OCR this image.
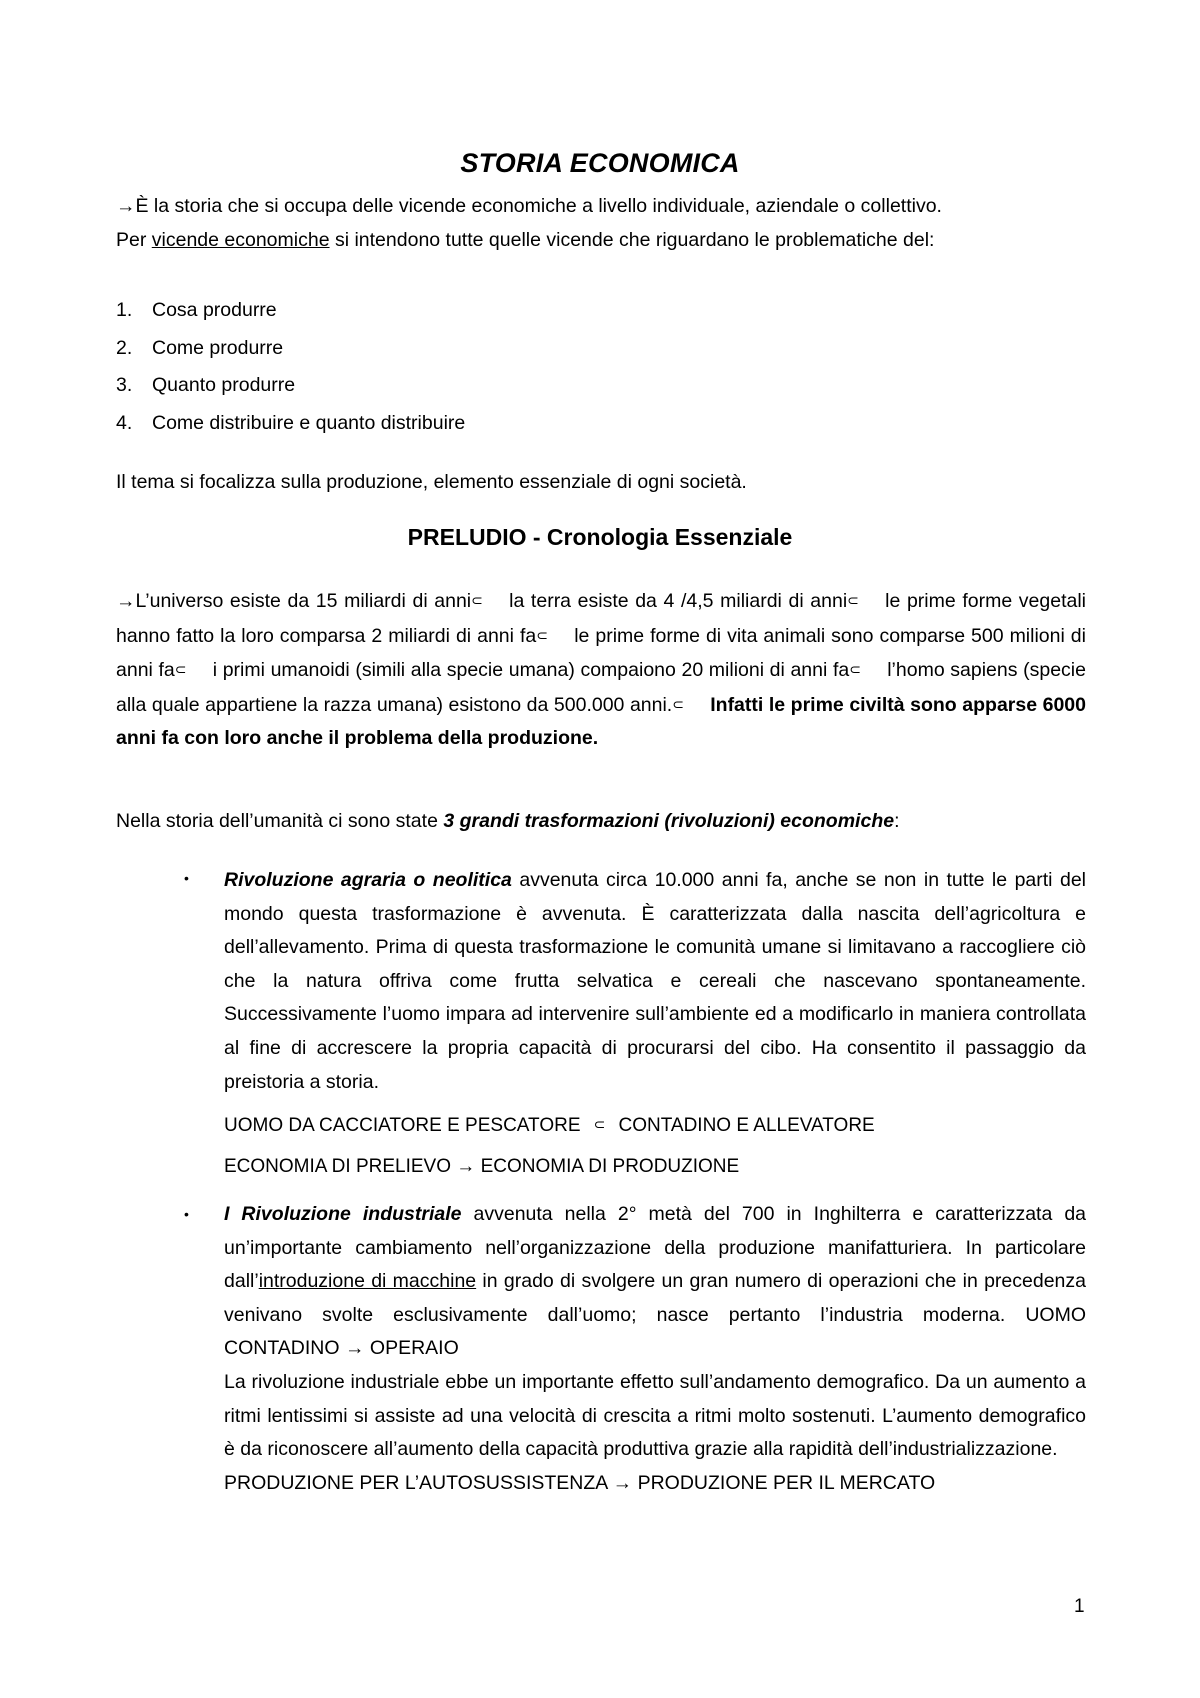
STORIA ECONOMICA
→È la storia che si occupa delle vicende economiche a livello individuale, aziendale o collettivo.
Per vicende economiche si intendono tutte quelle vicende che riguardano le problematiche del:
1. Cosa produrre
2. Come produrre
3. Quanto produrre
4. Come distribuire e quanto distribuire
Il tema si focalizza sulla produzione, elemento essenziale di ogni società.
PRELUDIO - Cronologia Essenziale
→L’universo esiste da 15 miliardi di anni⊂ la terra esiste da 4 /4,5 miliardi di anni⊂ le prime forme vegetali hanno fatto la loro comparsa 2 miliardi di anni fa⊂ le prime forme di vita animali sono comparse 500 milioni di anni fa⊂ i primi umanoidi (simili alla specie umana) compaiono 20 milioni di anni fa⊂ l’homo sapiens (specie alla quale appartiene la razza umana) esistono da 500.000 anni.⊂ Infatti le prime civiltà sono apparse 6000 anni fa con loro anche il problema della produzione.
Nella storia dell’umanità ci sono state 3 grandi trasformazioni (rivoluzioni) economiche:
• Rivoluzione agraria o neolitica avvenuta circa 10.000 anni fa, anche se non in tutte le parti del mondo questa trasformazione è avvenuta. È caratterizzata dalla nascita dell’agricoltura e dell’allevamento. Prima di questa trasformazione le comunità umane si limitavano a raccogliere ciò che la natura offriva come frutta selvatica e cereali che nascevano spontaneamente. Successivamente l’uomo impara ad intervenire sull’ambiente ed a modificarlo in maniera controllata al fine di accrescere la propria capacità di procurarsi del cibo. Ha consentito il passaggio da preistoria a storia.
UOMO DA CACCIATORE E PESCATORE ⊂ CONTADINO E ALLEVATORE
ECONOMIA DI PRELIEVO → ECONOMIA DI PRODUZIONE
• I Rivoluzione industriale avvenuta nella 2° metà del 700 in Inghilterra e caratterizzata da un’importante cambiamento nell’organizzazione della produzione manifatturiera. In particolare dall’introduzione di macchine in grado di svolgere un gran numero di operazioni che in precedenza venivano svolte esclusivamente dall’uomo; nasce pertanto l’industria moderna. UOMO CONTADINO → OPERAIO
La rivoluzione industriale ebbe un importante effetto sull’andamento demografico. Da un aumento a ritmi lentissimi si assiste ad una velocità di crescita a ritmi molto sostenuti. L’aumento demografico è da riconoscere all’aumento della capacità produttiva grazie alla rapidità dell’industrializzazione.
PRODUZIONE PER L’AUTOSUSSISTENZA → PRODUZIONE PER IL MERCATO
1
